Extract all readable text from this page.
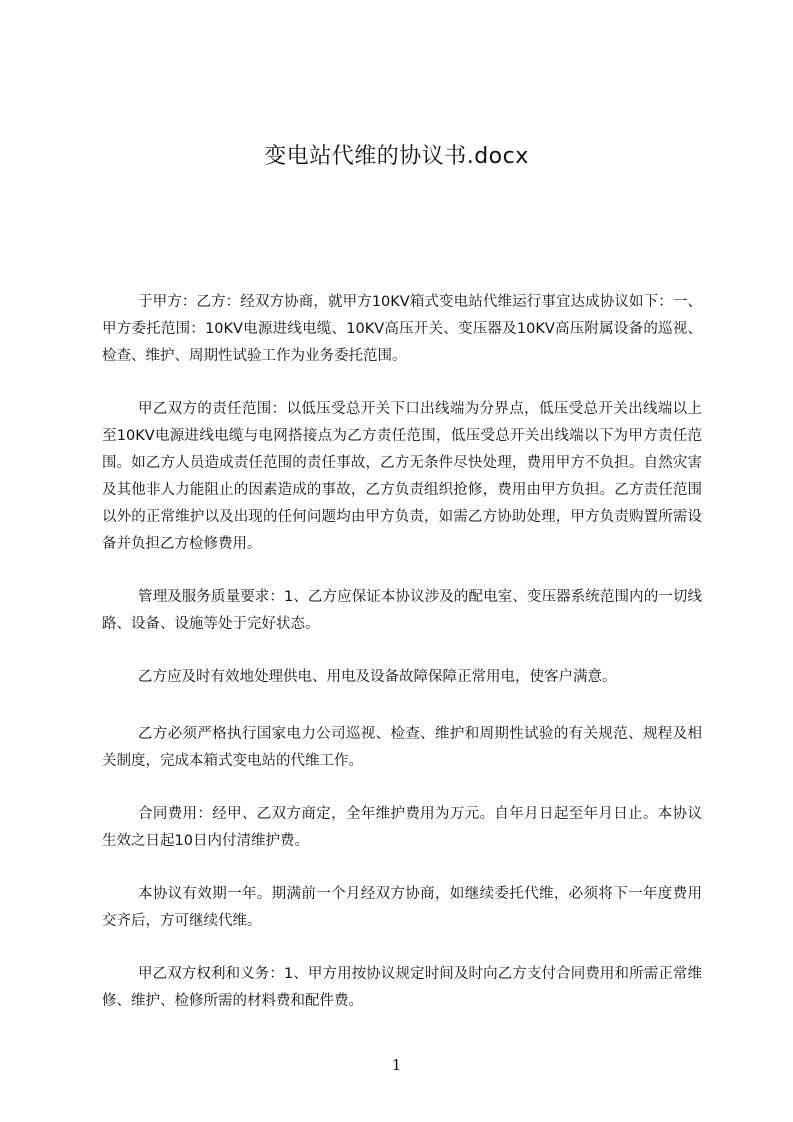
变电站代维的协议书.docx

于甲方：乙方：经双方协商，就甲方10KV箱式变电站代维运行事宜达成协议如下：一、甲方委托范围：10KV电源进线电缆、10KV高压开关、变压器及10KV高压附属设备的巡视、检查、维护、周期性试验工作为业务委托范围。

甲乙双方的责任范围：以低压受总开关下口出线端为分界点，低压受总开关出线端以上至10KV电源进线电缆与电网搭接点为乙方责任范围，低压受总开关出线端以下为甲方责任范围。如乙方人员造成责任范围的责任事故，乙方无条件尽快处理，费用甲方不负担。自然灾害及其他非人力能阻止的因素造成的事故，乙方负责组织抢修，费用由甲方负担。乙方责任范围以外的正常维护以及出现的任何问题均由甲方负责，如需乙方协助处理，甲方负责购置所需设备并负担乙方检修费用。

管理及服务质量要求：1、乙方应保证本协议涉及的配电室、变压器系统范围内的一切线路、设备、设施等处于完好状态。

乙方应及时有效地处理供电、用电及设备故障保障正常用电，使客户满意。

乙方必须严格执行国家电力公司巡视、检查、维护和周期性试验的有关规范、规程及相关制度，完成本箱式变电站的代维工作。

合同费用：经甲、乙双方商定，全年维护费用为万元。自年月日起至年月日止。本协议生效之日起10日内付清维护费。

本协议有效期一年。期满前一个月经双方协商，如继续委托代维，必须将下一年度费用交齐后，方可继续代维。

甲乙双方权利和义务：1、甲方用按协议规定时间及时向乙方支付合同费用和所需正常维修、维护、检修所需的材料费和配件费。

1
